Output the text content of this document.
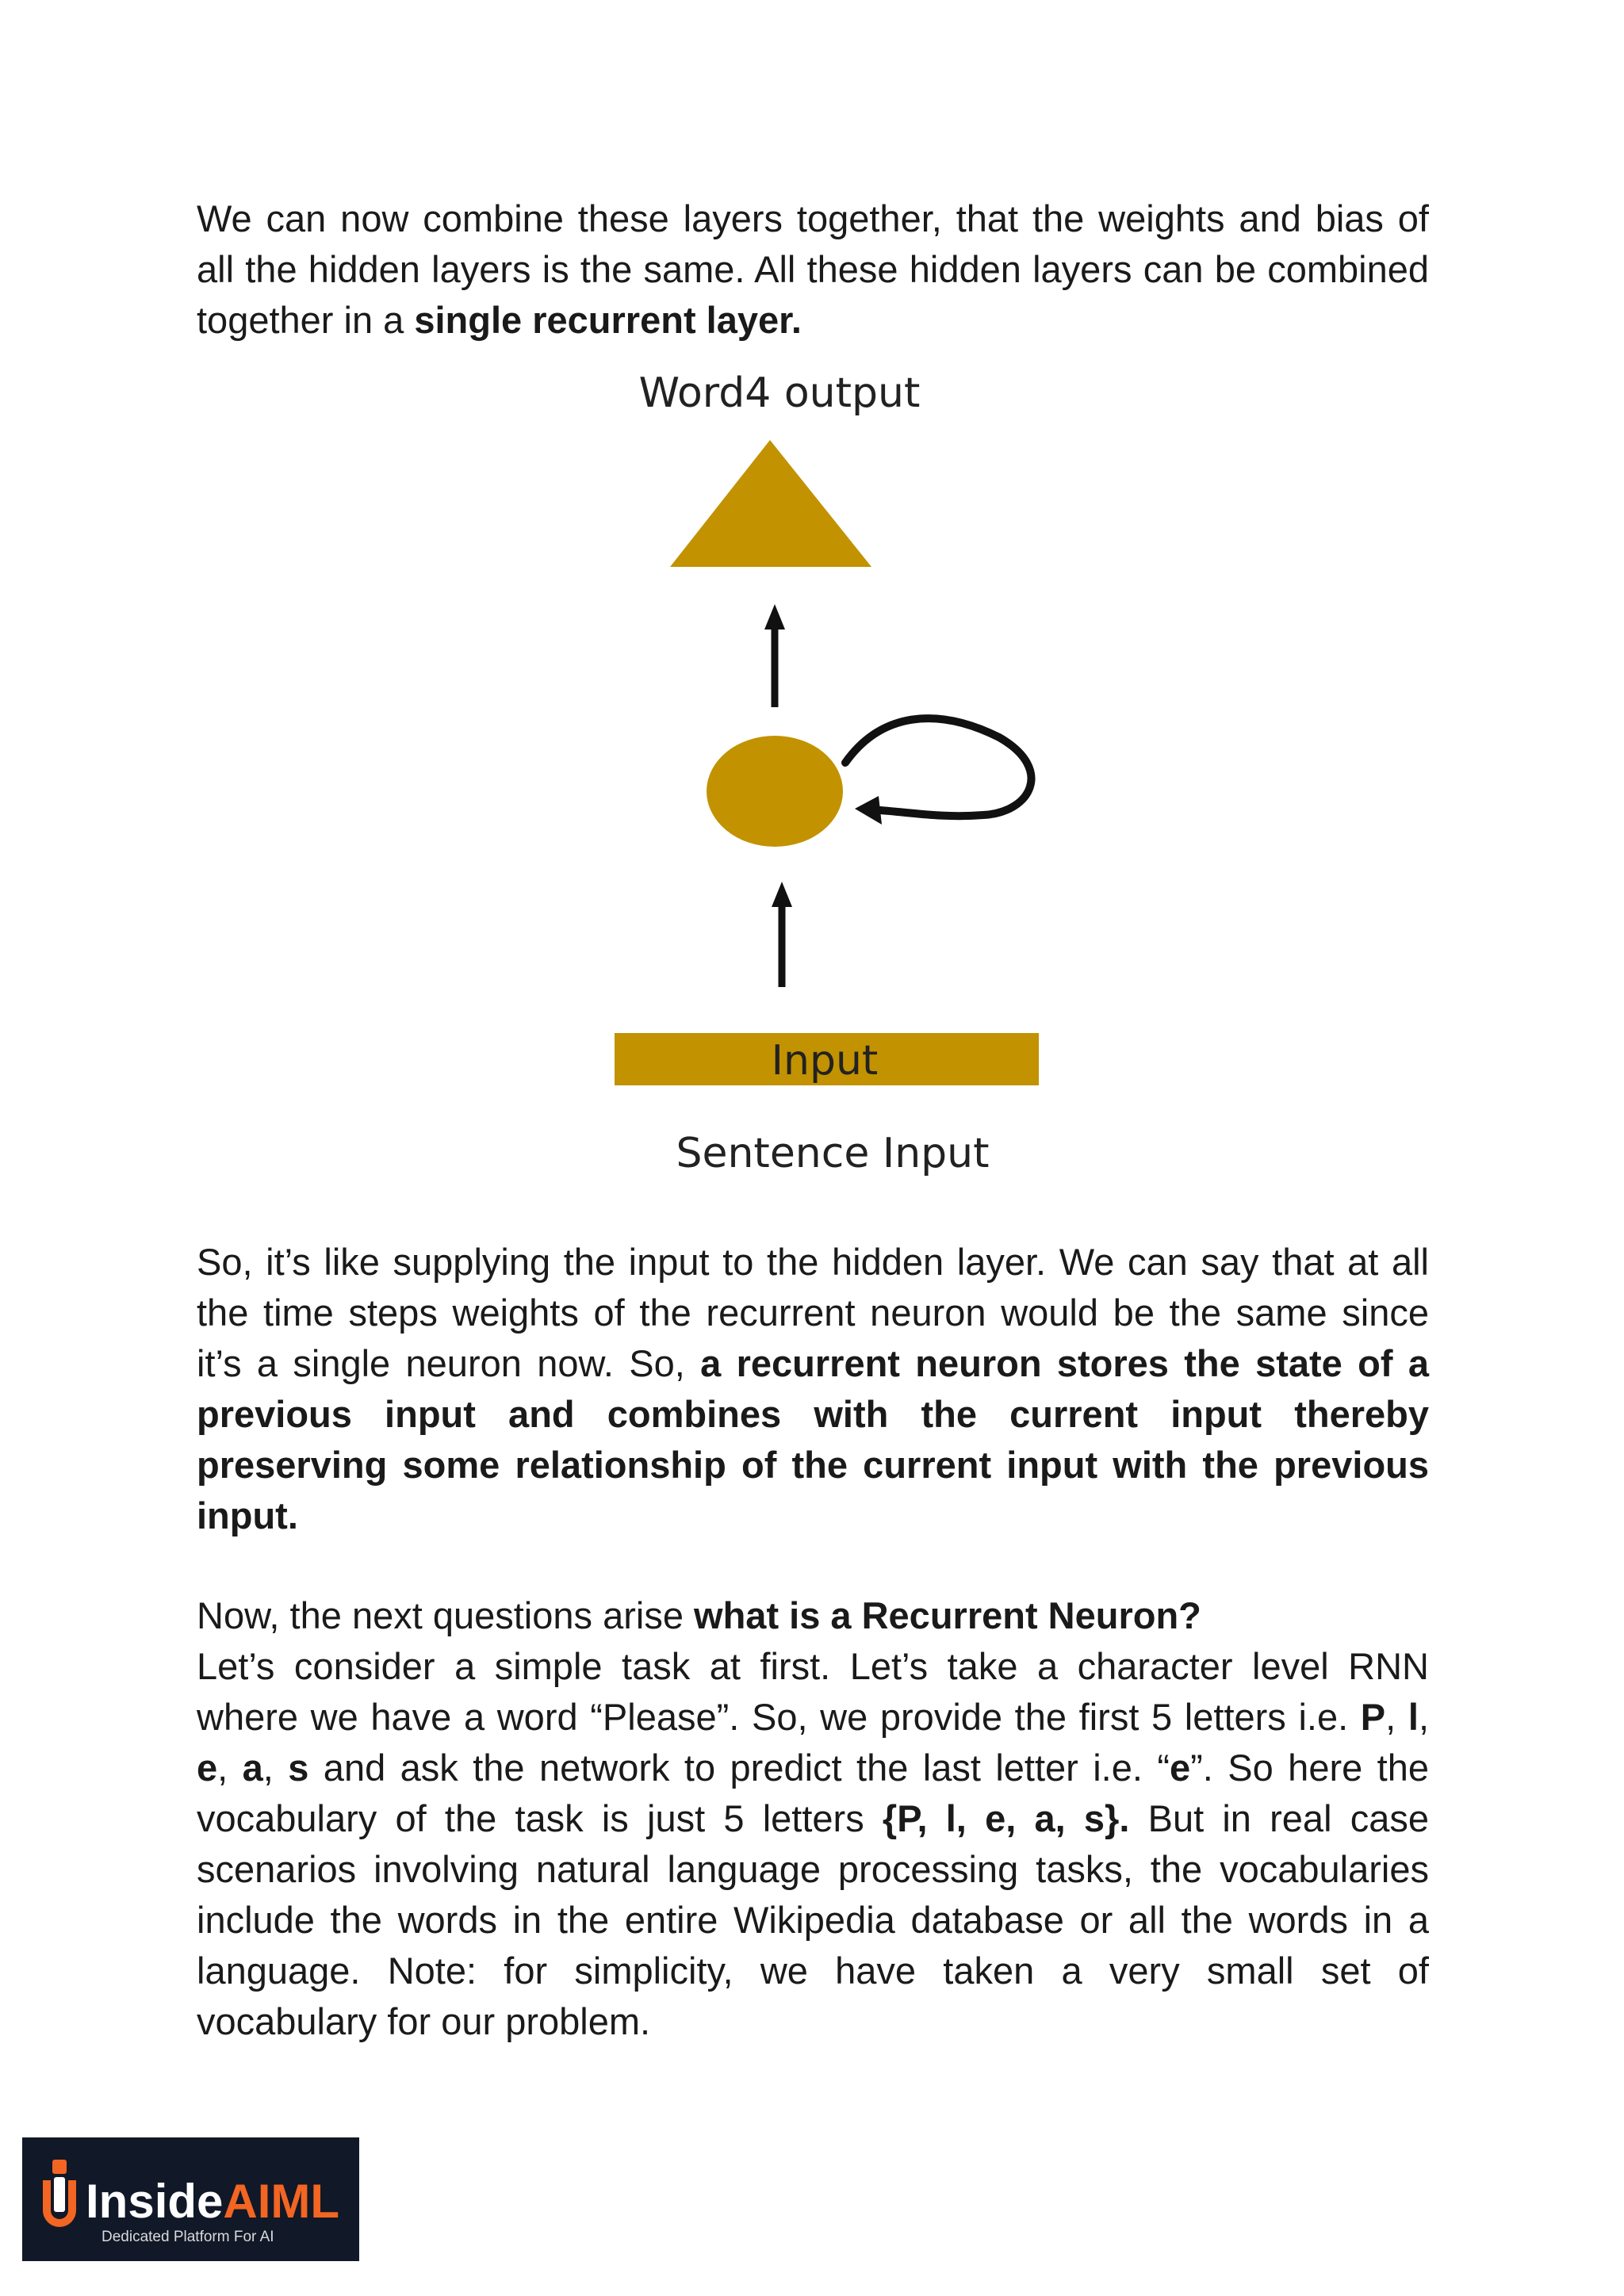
We can now combine these layers together, that the weights and bias of all the hidden layers is the same. All these hidden layers can be combined together in a single recurrent layer.

Word4 output
Input
Sentence Input

So, it’s like supplying the input to the hidden layer. We can say that at all the time steps weights of the recurrent neuron would be the same since it’s a single neuron now. So, a recurrent neuron stores the state of a previous input and combines with the current input thereby preserving some relationship of the current input with the previous input.

Now, the next questions arise what is a Recurrent Neuron?

Let’s consider a simple task at first. Let’s take a character level RNN where we have a word “Please”. So, we provide the first 5 letters i.e. P, l, e, a, s and ask the network to predict the last letter i.e. “e”. So here the vocabulary of the task is just 5 letters {P, l, e, a, s}. But in real case scenarios involving natural language processing tasks, the vocabularies include the words in the entire Wikipedia database or all the words in a language. Note: for simplicity, we have taken a very small set of vocabulary for our problem.

InsideAIML
Dedicated Platform For AI
